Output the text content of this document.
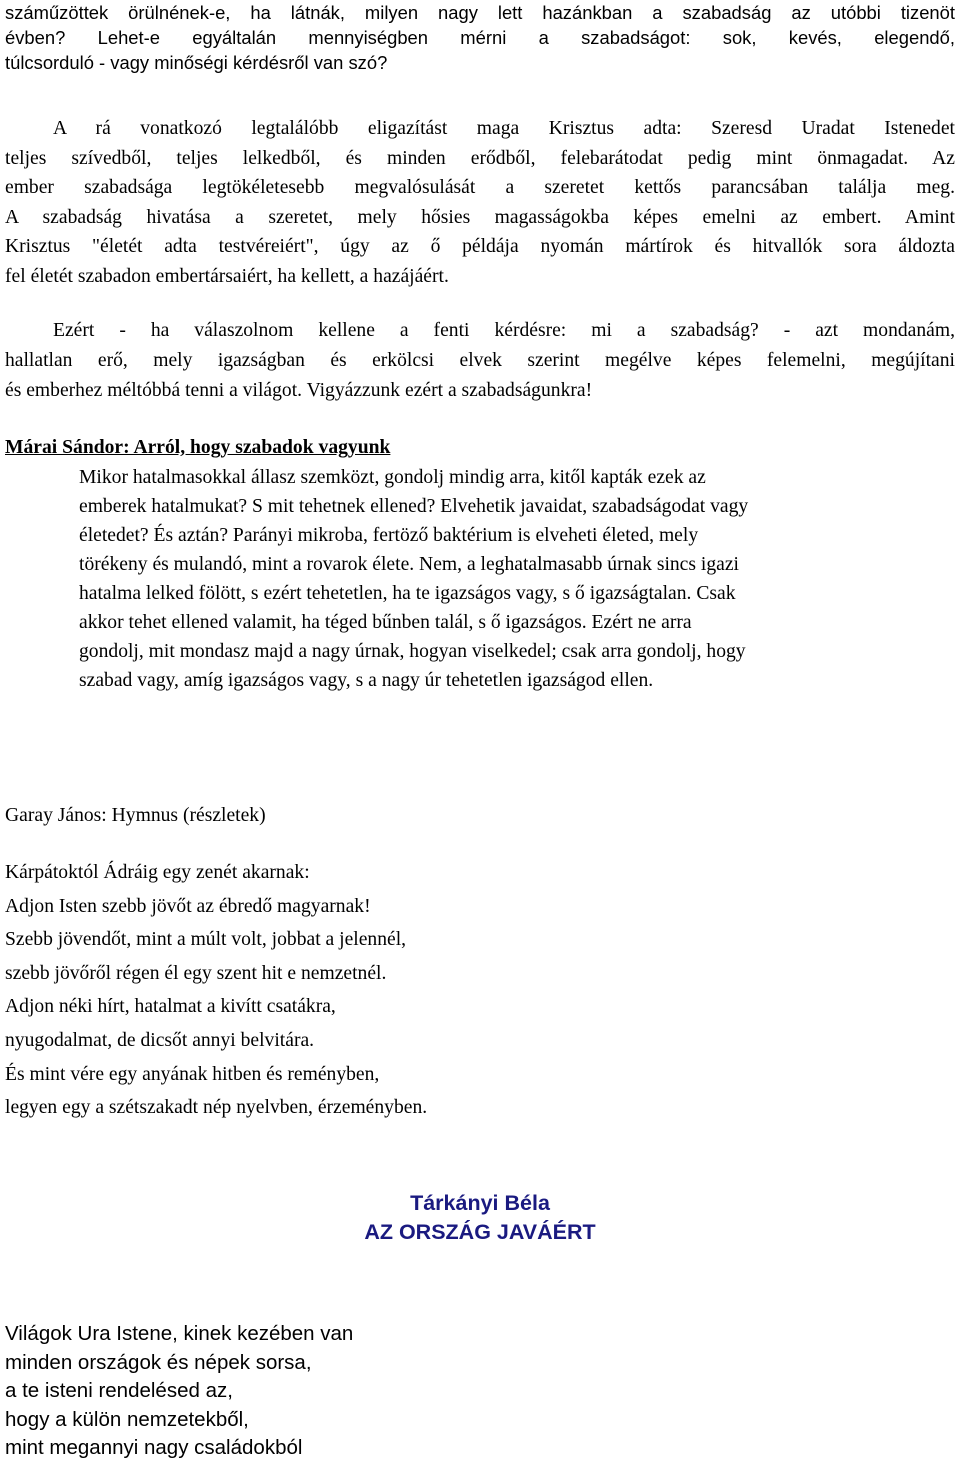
száműzöttek örülnének-e, ha látnák, milyen nagy lett hazánkban a szabadság az utóbbi tizenöt
évben? Lehet-e egyáltalán mennyiségben mérni a szabadságot: sok, kevés, elegendő,
túlcsorduló - vagy minőségi kérdésről van szó?
A rá vonatkozó legtalálóbb eligazítást maga Krisztus adta: Szeresd Uradat Istenedet
teljes szívedből, teljes lelkedből, és minden erődből, felebarátodat pedig mint önmagadat. Az
ember szabadsága legtökéletesebb megvalósulását a szeretet kettős parancsában találja meg.
A szabadság hivatása a szeretet, mely hősies magasságokba képes emelni az embert. Amint
Krisztus "életét adta testvéreiért", úgy az ő példája nyomán mártírok és hitvallók sora áldozta
fel életét szabadon embertársaiért, ha kellett, a hazájáért.
Ezért - ha válaszolnom kellene a fenti kérdésre: mi a szabadság? - azt mondanám,
hallatlan erő, mely igazságban és erkölcsi elvek szerint megélve képes felemelni, megújítani
és emberhez méltóbbá tenni a világot. Vigyázzunk ezért a szabadságunkra!
Márai Sándor: Arról, hogy szabadok vagyunk
Mikor hatalmasokkal állasz szemközt, gondolj mindig arra, kitől kapták ezek az
emberek hatalmukat? S mit tehetnek ellened? Elvehetik javaidat, szabadságodat vagy
életedet? És aztán? Parányi mikroba, fertöző baktérium is elveheti életed, mely
törékeny és mulandó, mint a rovarok élete. Nem, a leghatalmasabb úrnak sincs igazi
hatalma lelked fölött, s ezért tehetetlen, ha te igazságos vagy, s ő igazságtalan. Csak
akkor tehet ellened valamit, ha téged bűnben talál, s ő igazságos. Ezért ne arra
gondolj, mit mondasz majd a nagy úrnak, hogyan viselkedel; csak arra gondolj, hogy
szabad vagy, amíg igazságos vagy, s a nagy úr tehetetlen igazságod ellen.
Garay János: Hymnus (részletek)
Kárpátoktól Ádráig egy zenét akarnak:
Adjon Isten szebb jövőt az ébredő magyarnak!
Szebb jövendőt, mint a múlt volt, jobbat a jelennél,
szebb jövőről régen él egy szent hit e nemzetnél.
Adjon néki hírt, hatalmat a kivítt csatákra,
nyugodalmat, de dicsőt annyi belvitára.
És mint vére egy anyának hitben és reményben,
legyen egy a szétszakadt nép nyelvben, érzeményben.
Tárkányi Béla
AZ ORSZÁG JAVÁÉRT
Világok Ura Istene, kinek kezében van
minden országok és népek sorsa,
a te isteni rendelésed az,
hogy a külön nemzetekből,
mint megannyi nagy családokból
